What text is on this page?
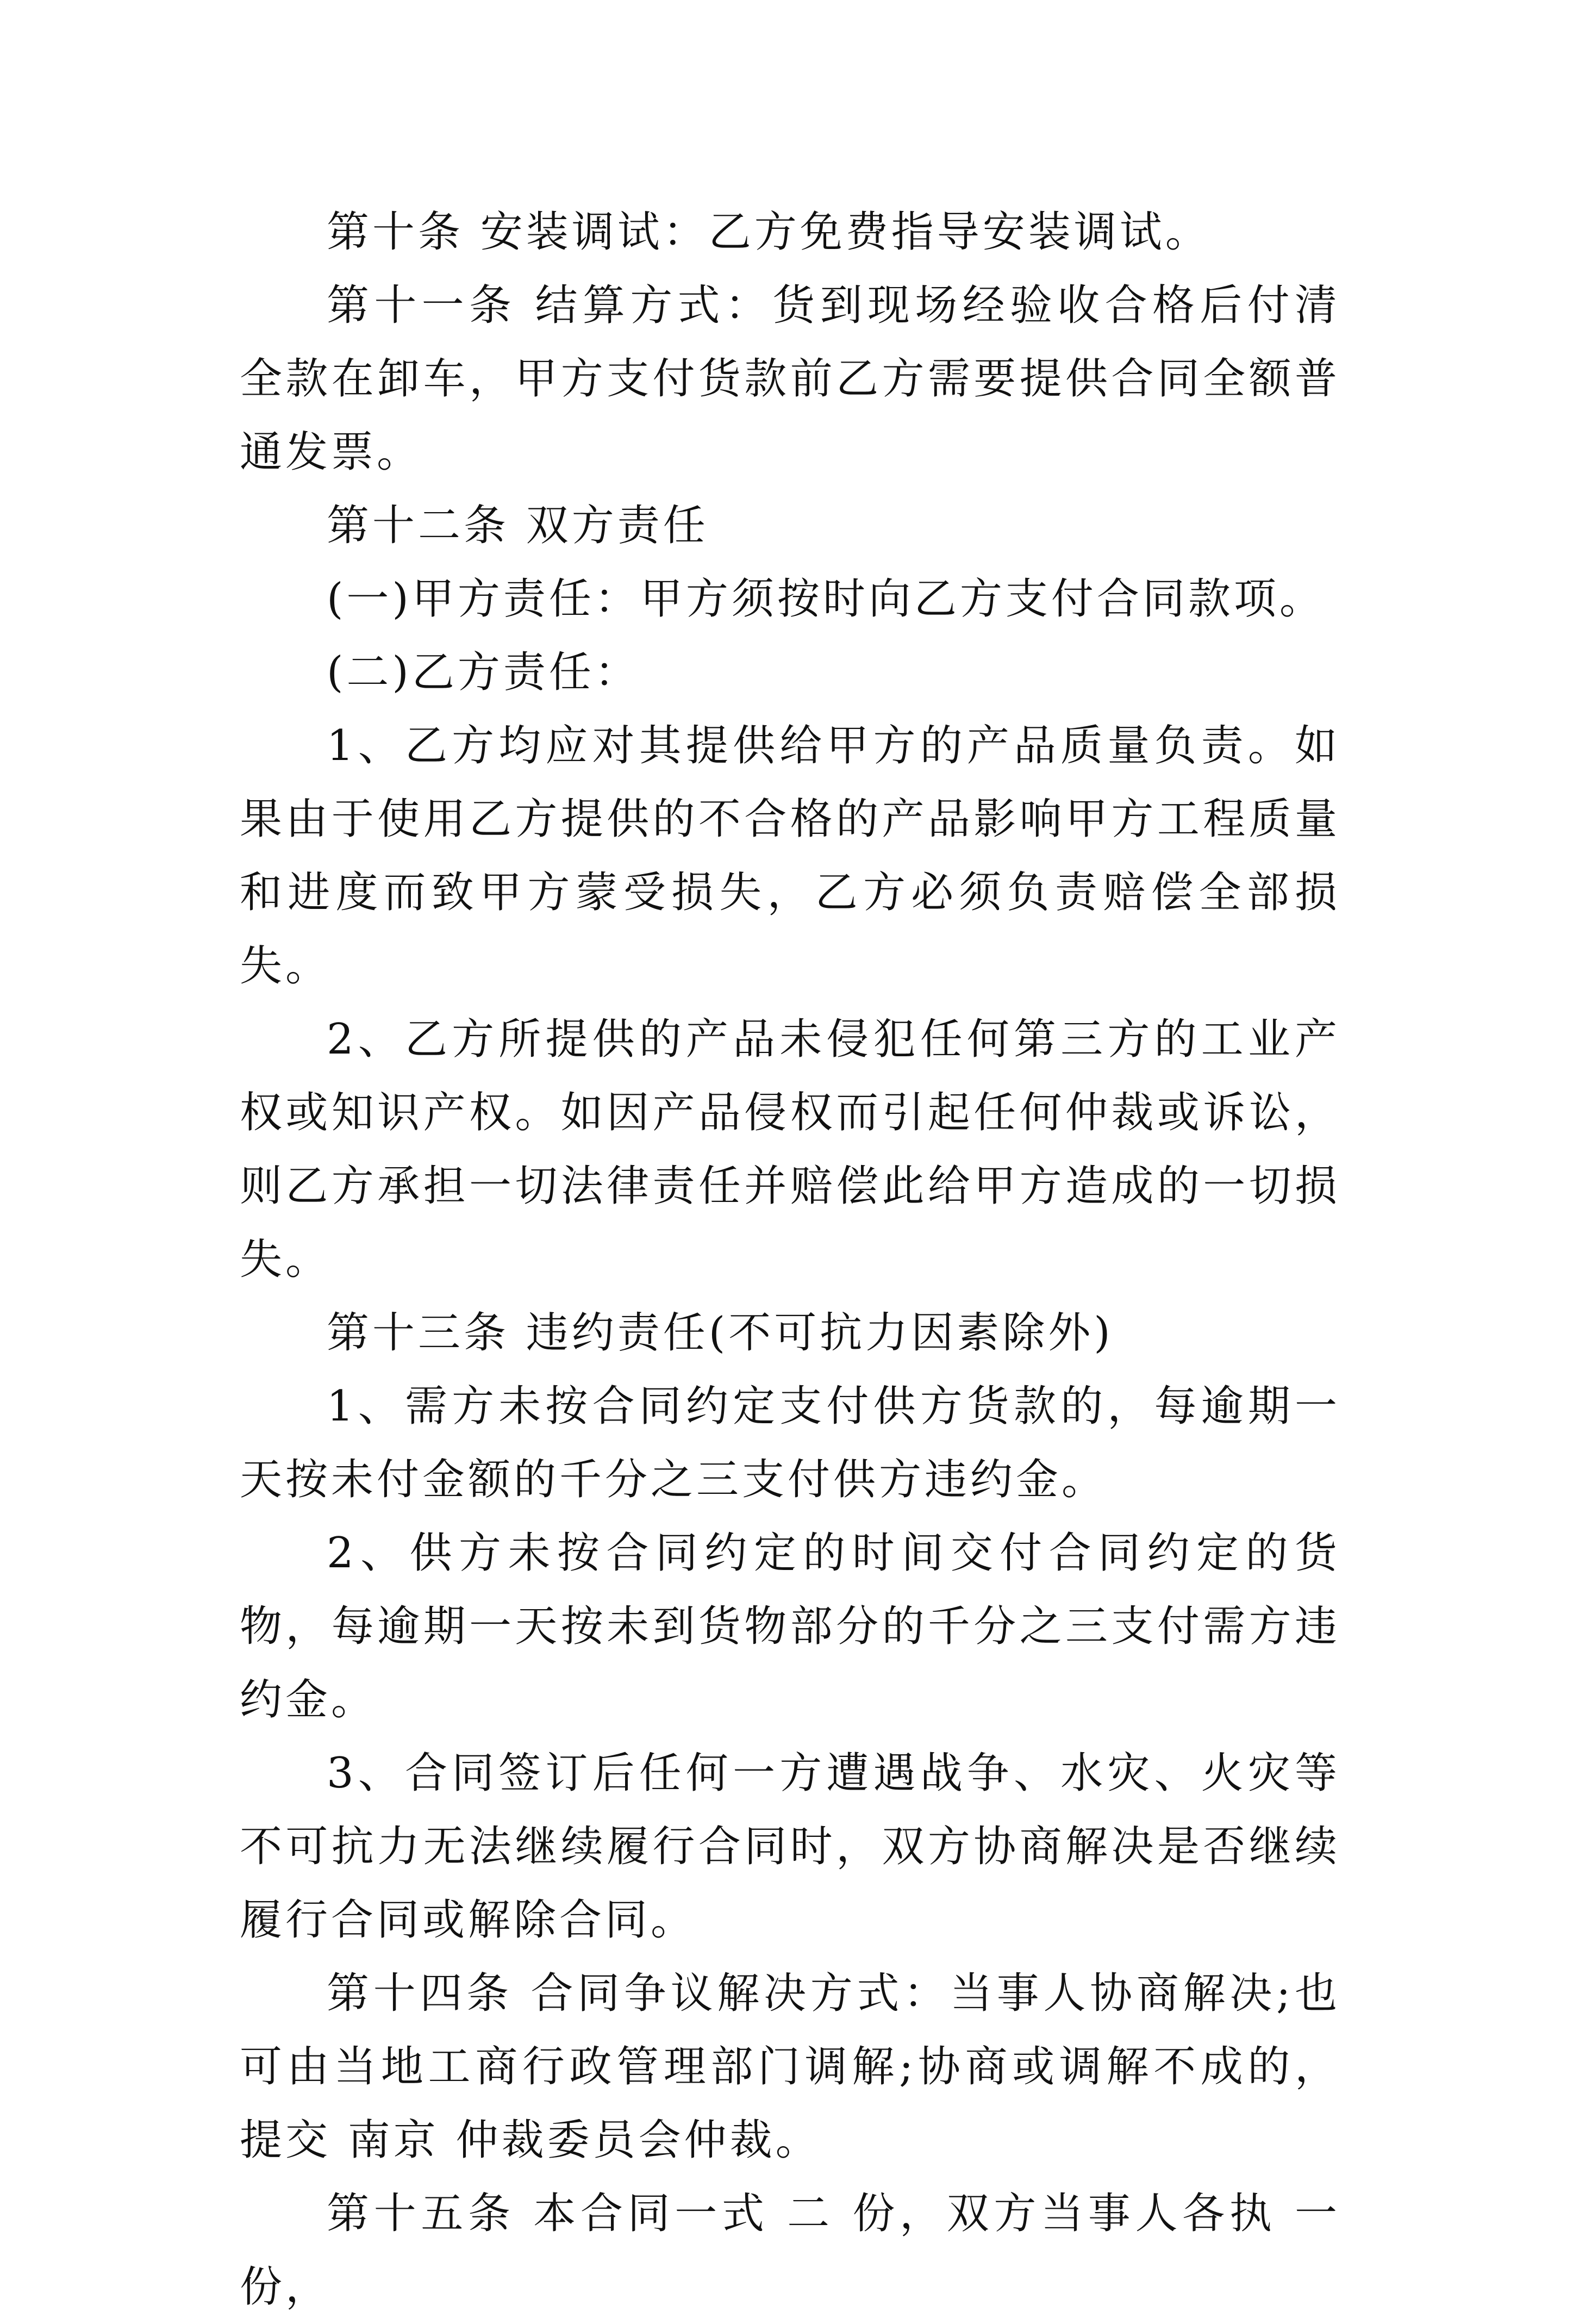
第十条 安装调试：乙方免费指导安装调试。

第十一条 结算方式：货到现场经验收合格后付清全款在卸车，甲方支付货款前乙方需要提供合同全额普通发票。

第十二条 双方责任

(一)甲方责任：甲方须按时向乙方支付合同款项。

(二)乙方责任：

1、乙方均应对其提供给甲方的产品质量负责。如果由于使用乙方提供的不合格的产品影响甲方工程质量和进度而致甲方蒙受损失，乙方必须负责赔偿全部损失。

2、乙方所提供的产品未侵犯任何第三方的工业产权或知识产权。如因产品侵权而引起任何仲裁或诉讼，则乙方承担一切法律责任并赔偿此给甲方造成的一切损失。

第十三条 违约责任(不可抗力因素除外)

1、需方未按合同约定支付供方货款的，每逾期一天按未付金额的千分之三支付供方违约金。

2、供方未按合同约定的时间交付合同约定的货物，每逾期一天按未到货物部分的千分之三支付需方违约金。

3、合同签订后任何一方遭遇战争、水灾、火灾等不可抗力无法继续履行合同时，双方协商解决是否继续履行合同或解除合同。

第十四条 合同争议解决方式：当事人协商解决;也可由当地工商行政管理部门调解;协商或调解不成的，提交 南京 仲裁委员会仲裁。

第十五条 本合同一式 二 份，双方当事人各执 一 份，
